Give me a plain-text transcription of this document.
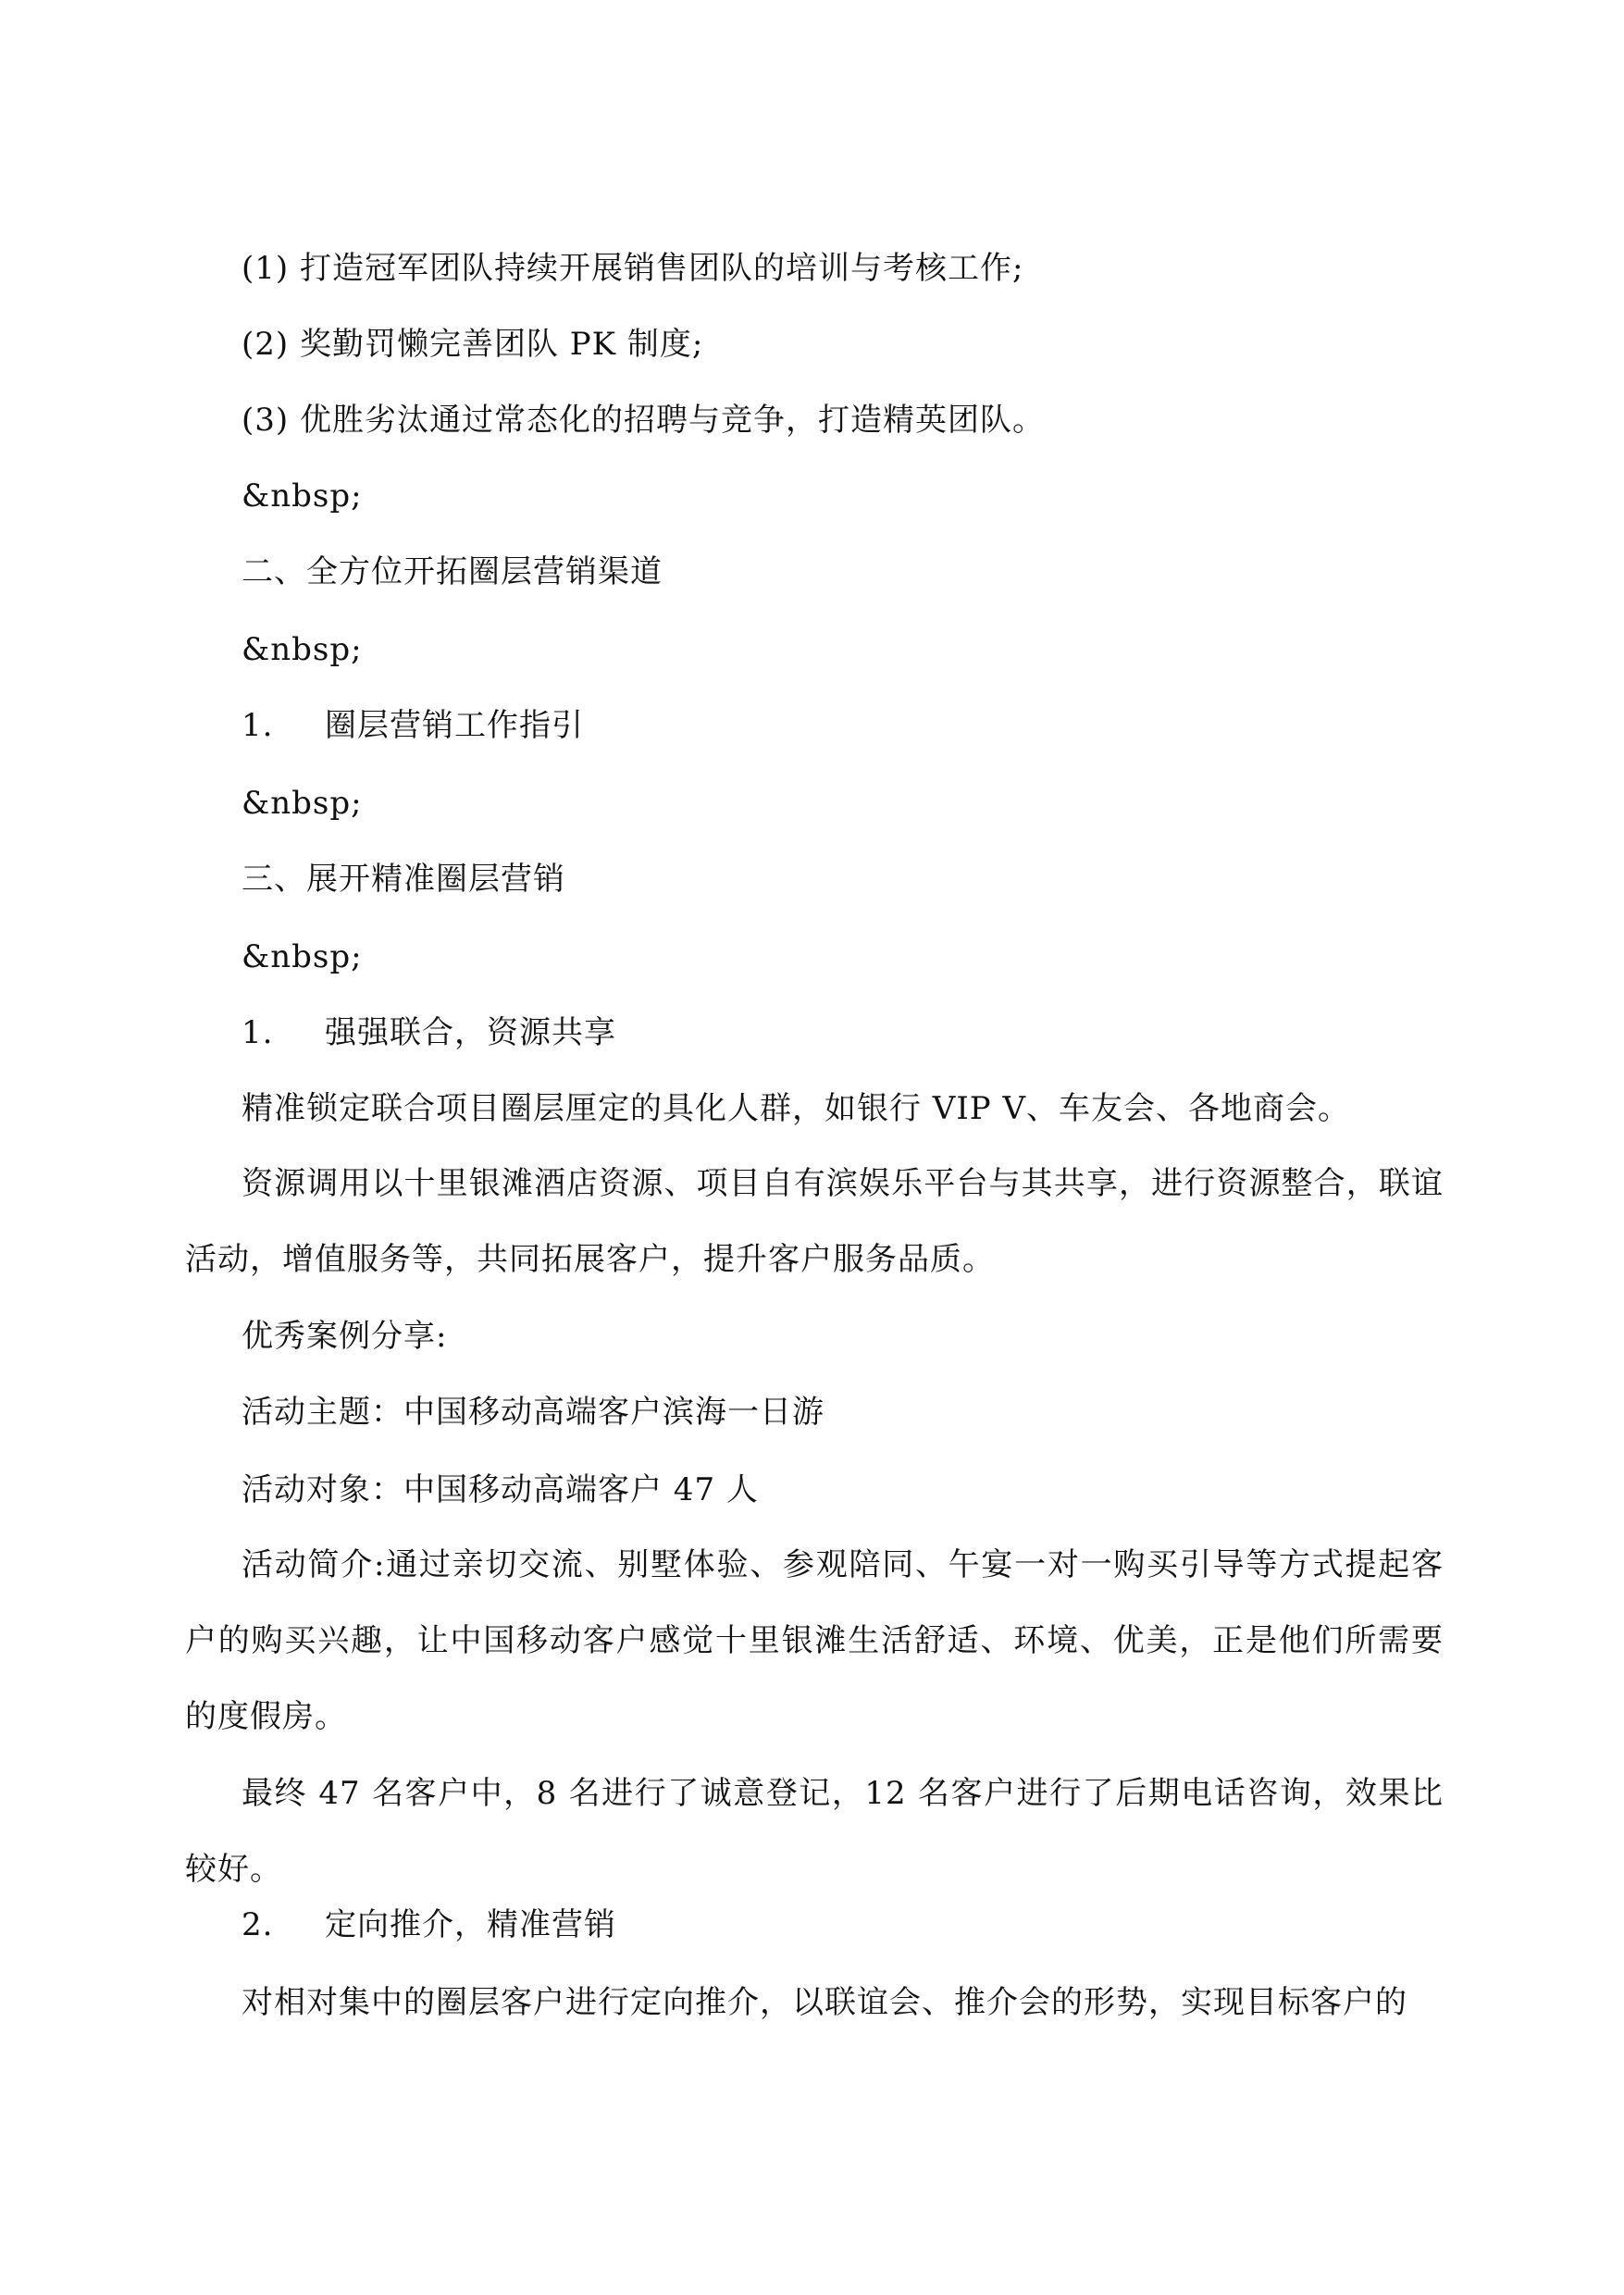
(1) 打造冠军团队持续开展销售团队的培训与考核工作;
(2) 奖勤罚懒完善团队 PK 制度;
(3) 优胜劣汰通过常态化的招聘与竞争，打造精英团队。
&nbsp;
二、全方位开拓圈层营销渠道
&nbsp;
1. 圈层营销工作指引
&nbsp;
三、展开精准圈层营销
&nbsp;
1. 强强联合，资源共享
精准锁定联合项目圈层厘定的具化人群，如银行 VIP V、车友会、各地商会。
资源调用以十里银滩酒店资源、项目自有滨娱乐平台与其共享，进行资源整合，联谊活动，增值服务等，共同拓展客户，提升客户服务品质。
优秀案例分享:
活动主题：中国移动高端客户滨海一日游
活动对象：中国移动高端客户 47 人
活动简介:通过亲切交流、别墅体验、参观陪同、午宴一对一购买引导等方式提起客户的购买兴趣，让中国移动客户感觉十里银滩生活舒适、环境、优美，正是他们所需要的度假房。
最终 47 名客户中，8 名进行了诚意登记，12 名客户进行了后期电话咨询，效果比较好。
2. 定向推介，精准营销
对相对集中的圈层客户进行定向推介，以联谊会、推介会的形势，实现目标客户的
